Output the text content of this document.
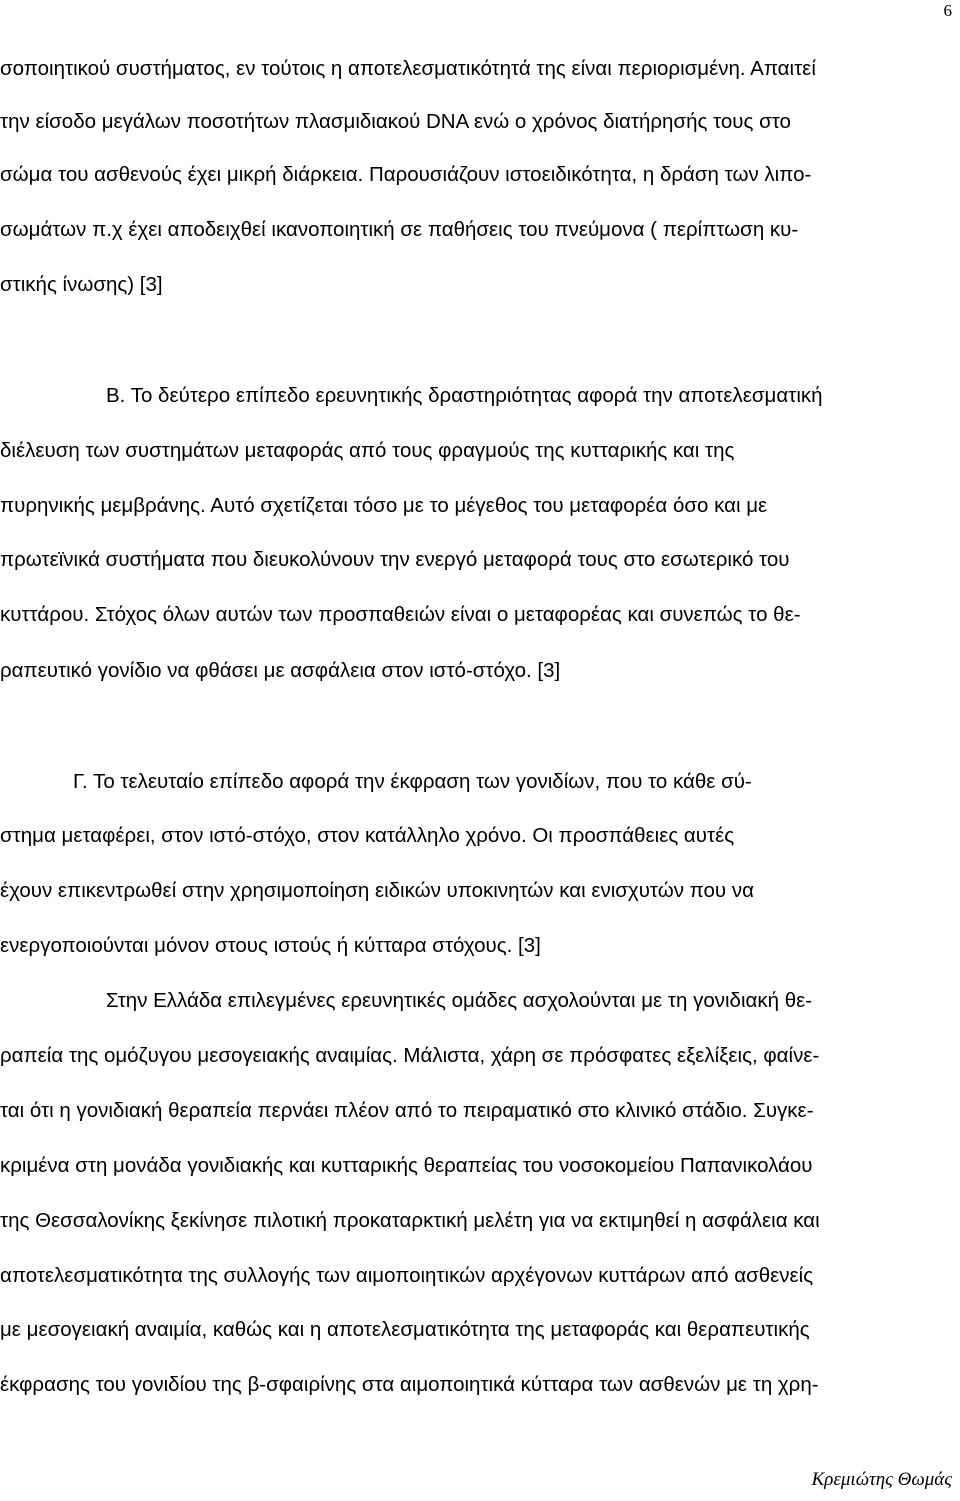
6
σοποιητικού συστήματος, εν τούτοις η αποτελεσματικότητά της είναι περιορισμένη. Απαιτεί
την είσοδο μεγάλων ποσοτήτων πλασμιδιακού DNA ενώ ο χρόνος διατήρησής τους στο
σώμα του ασθενούς έχει μικρή διάρκεια. Παρουσιάζουν ιστοειδικότητα, η δράση των λιπο-
σωμάτων π.χ έχει αποδειχθεί ικανοποιητική σε παθήσεις του πνεύμονα ( περίπτωση κυ-
στικής ίνωσης) [3]
Β. Το δεύτερο επίπεδο ερευνητικής δραστηριότητας αφορά την αποτελεσματική
διέλευση των συστημάτων μεταφοράς από τους φραγμούς της κυτταρικής και της
πυρηνικής μεμβράνης. Αυτό σχετίζεται τόσο με το μέγεθος του μεταφορέα όσο και με
πρωτεϊνικά συστήματα που διευκολύνουν την ενεργό μεταφορά τους στο εσωτερικό του
κυττάρου. Στόχος όλων αυτών των προσπαθειών είναι ο μεταφορέας και συνεπώς το θε-
ραπευτικό γονίδιο να φθάσει με ασφάλεια στον ιστό-στόχο. [3]
Γ. Το τελευταίο επίπεδο αφορά την έκφραση των γονιδίων, που το κάθε σύ-
στημα μεταφέρει, στον ιστό-στόχο, στον κατάλληλο χρόνο. Οι προσπάθειες αυτές
έχουν επικεντρωθεί στην χρησιμοποίηση ειδικών υποκινητών και ενισχυτών που να
ενεργοποιούνται μόνον στους ιστούς ή κύτταρα στόχους. [3]
Στην Ελλάδα επιλεγμένες ερευνητικές ομάδες ασχολούνται με τη γονιδιακή θε-
ραπεία της ομόζυγου μεσογειακής αναιμίας. Μάλιστα, χάρη σε πρόσφατες εξελίξεις, φαίνε-
ται ότι η γονιδιακή θεραπεία περνάει πλέον από το πειραματικό στο κλινικό στάδιο. Συγκε-
κριμένα στη μονάδα γονιδιακής και κυτταρικής θεραπείας του νοσοκομείου Παπανικολάου
της Θεσσαλονίκης ξεκίνησε πιλοτική προκαταρκτική μελέτη για να εκτιμηθεί η ασφάλεια και
αποτελεσματικότητα της συλλογής των αιμοποιητικών αρχέγονων κυττάρων από ασθενείς
με μεσογειακή αναιμία, καθώς και η αποτελεσματικότητα της μεταφοράς και θεραπευτικής
έκφρασης του γονιδίου της β-σφαιρίνης στα αιμοποιητικά κύτταρα των ασθενών με τη χρη-
Κρεμιώτης Θωμάς
